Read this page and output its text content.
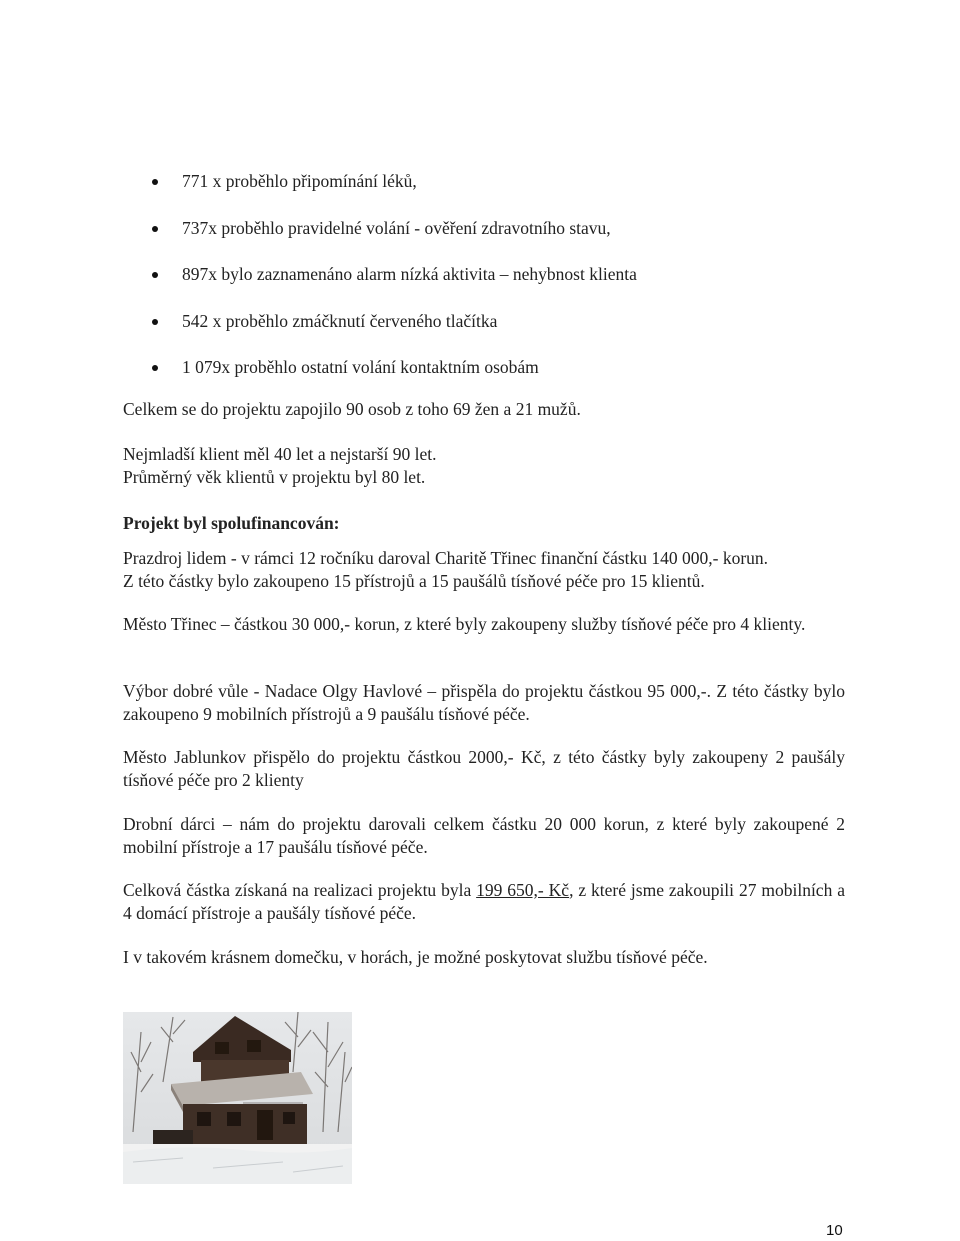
771 x proběhlo připomínání léků,
737x proběhlo pravidelné volání - ověření zdravotního stavu,
897x bylo zaznamenáno alarm nízká aktivita – nehybnost klienta
542 x proběhlo zmáčknutí červeného tlačítka
1 079x proběhlo ostatní volání kontaktním osobám
Celkem se do projektu zapojilo 90 osob z toho 69 žen a 21 mužů.
Nejmladší klient měl 40 let a nejstarší 90 let.
Průměrný věk klientů v projektu byl 80 let.
Projekt byl spolufinancován:
Prazdroj lidem - v rámci 12 ročníku daroval Charitě Třinec finanční částku 140 000,- korun.
Z této částky bylo zakoupeno 15 přístrojů a 15 paušálů tísňové péče pro 15 klientů.
Město Třinec – částkou 30 000,- korun, z které byly zakoupeny služby tísňové péče pro 4 klienty.
Výbor dobré vůle - Nadace Olgy Havlové – přispěla do projektu částkou 95 000,-. Z této částky bylo zakoupeno 9 mobilních přístrojů a 9 paušálu tísňové péče.
Město Jablunkov přispělo do projektu částkou 2000,- Kč, z této částky byly zakoupeny 2 paušály tísňové péče pro 2 klienty
Drobní dárci – nám do projektu darovali celkem částku 20 000 korun, z které byly zakoupené 2 mobilní přístroje a 17 paušálu tísňové péče.
Celková částka získaná na realizaci projektu byla 199 650,- Kč, z které jsme zakoupili 27 mobilních a 4 domácí přístroje a paušály tísňové péče.
I v takovém krásnem domečku, v horách, je možné poskytovat službu tísňové péče.
10
